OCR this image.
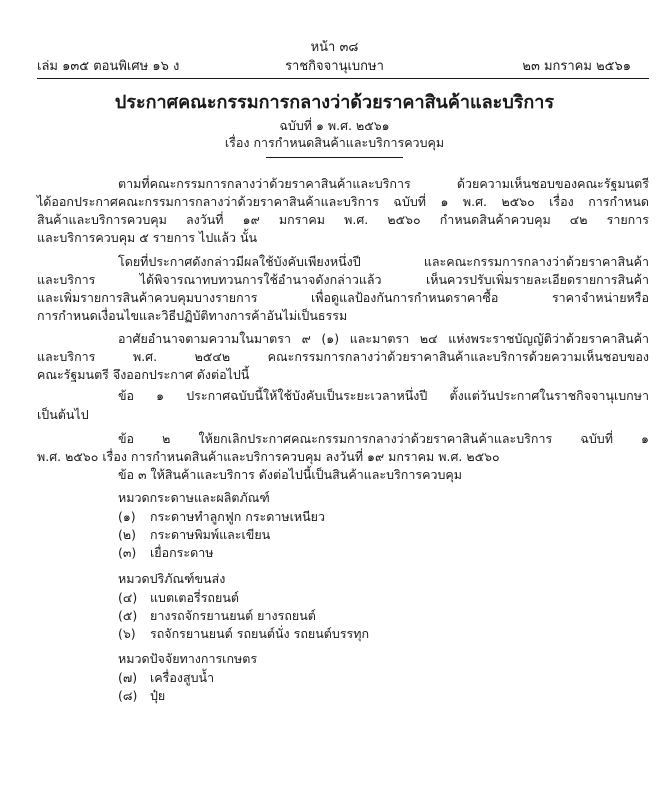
หน้า ๓๘
เล่ม ๑๓๕ ตอนพิเศษ ๑๖ ง	ราชกิจจานุเบกษา	๒๓ มกราคม ๒๕๖๑
ประกาศคณะกรรมการกลางว่าด้วยราคาสินค้าและบริการ
ฉบับที่ ๑ พ.ศ. ๒๕๖๑
เรื่อง การกำหนดสินค้าและบริการควบคุม
ตามที่คณะกรรมการกลางว่าด้วยราคาสินค้าและบริการ ด้วยความเห็นชอบของคณะรัฐมนตรี
ได้ออกประกาศคณะกรรมการกลางว่าด้วยราคาสินค้าและบริการ ฉบับที่ ๑ พ.ศ. ๒๕๖๐ เรื่อง การกำหนด
สินค้าและบริการควบคุม ลงวันที่ ๑๙ มกราคม พ.ศ. ๒๕๖๐ กำหนดสินค้าควบคุม ๔๒ รายการ
และบริการควบคุม ๕ รายการ ไปแล้ว นั้น
โดยที่ประกาศดังกล่าวมีผลใช้บังคับเพียงหนึ่งปี และคณะกรรมการกลางว่าด้วยราคาสินค้า
และบริการ ได้พิจารณาทบทวนการใช้อำนาจดังกล่าวแล้ว เห็นควรปรับเพิ่มรายละเอียดรายการสินค้า
และเพิ่มรายการสินค้าควบคุมบางรายการ เพื่อดูแลป้องกันการกำหนดราคาซื้อ ราคาจำหน่ายหรือ
การกำหนดเงื่อนไขและวิธีปฏิบัติทางการค้าอันไม่เป็นธรรม
อาศัยอำนาจตามความในมาตรา ๙ (๑) และมาตรา ๒๔ แห่งพระราชบัญญัติว่าด้วยราคาสินค้า
และบริการ พ.ศ. ๒๕๔๒ คณะกรรมการกลางว่าด้วยราคาสินค้าและบริการด้วยความเห็นชอบของ
คณะรัฐมนตรี จึงออกประกาศ ดังต่อไปนี้
ข้อ ๑ ประกาศฉบับนี้ให้ใช้บังคับเป็นระยะเวลาหนึ่งปี ตั้งแต่วันประกาศในราชกิจจานุเบกษา
เป็นต้นไป
ข้อ ๒ ให้ยกเลิกประกาศคณะกรรมการกลางว่าด้วยราคาสินค้าและบริการ ฉบับที่ ๑
พ.ศ. ๒๕๖๐ เรื่อง การกำหนดสินค้าและบริการควบคุม ลงวันที่ ๑๙ มกราคม พ.ศ. ๒๕๖๐
ข้อ ๓ ให้สินค้าและบริการ ดังต่อไปนี้เป็นสินค้าและบริการควบคุม
หมวดกระดาษและผลิตภัณฑ์
(๑) กระดาษทำลูกฟูก กระดาษเหนียว
(๒) กระดาษพิมพ์และเขียน
(๓) เยื่อกระดาษ
หมวดปริภัณฑ์ขนส่ง
(๔) แบตเตอรี่รถยนต์
(๕) ยางรถจักรยานยนต์ ยางรถยนต์
(๖) รถจักรยานยนต์ รถยนต์นั่ง รถยนต์บรรทุก
หมวดปัจจัยทางการเกษตร
(๗) เครื่องสูบน้ำ
(๘) ปุ๋ย
